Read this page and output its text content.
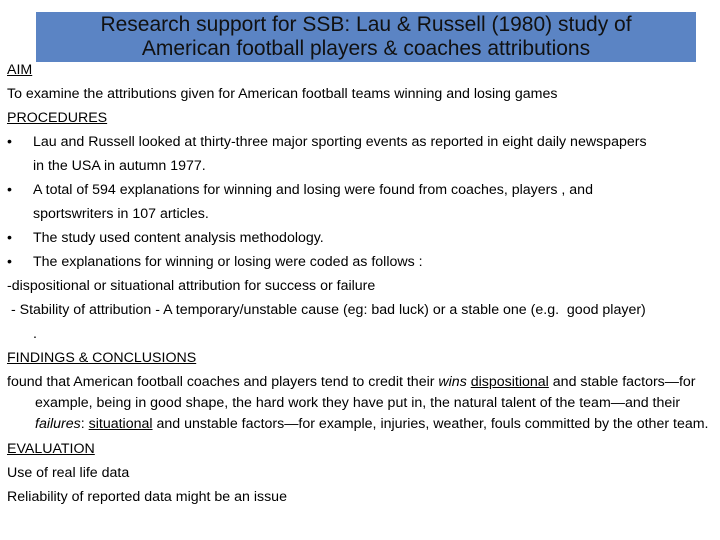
Research support for SSB: Lau & Russell (1980) study of
American football players & coaches attributions
AIM
To examine the attributions given for American football teams winning and losing games
PROCEDURES
•	Lau and Russell looked at thirty-three major sporting events as reported in eight daily newspapers
in the USA in autumn 1977.
•	A total of 594 explanations for winning and losing were found from coaches, players , and
sportswriters in 107 articles.
•	The study used content analysis methodology.
•	The explanations for winning or losing were coded as follows :
-dispositional or situational attribution for success or failure
- Stability of attribution - A temporary/unstable cause (eg: bad luck) or a stable one (e.g.  good player)
.
FINDINGS & CONCLUSIONS
found that American football coaches and players tend to credit their wins dispositional and stable factors—for example, being in good shape, the hard work they have put in, the natural talent of the team—and their failures: situational and unstable factors—for example, injuries, weather, fouls committed by the other team.
EVALUATION
Use of real life data
Reliability of reported data might be an issue
